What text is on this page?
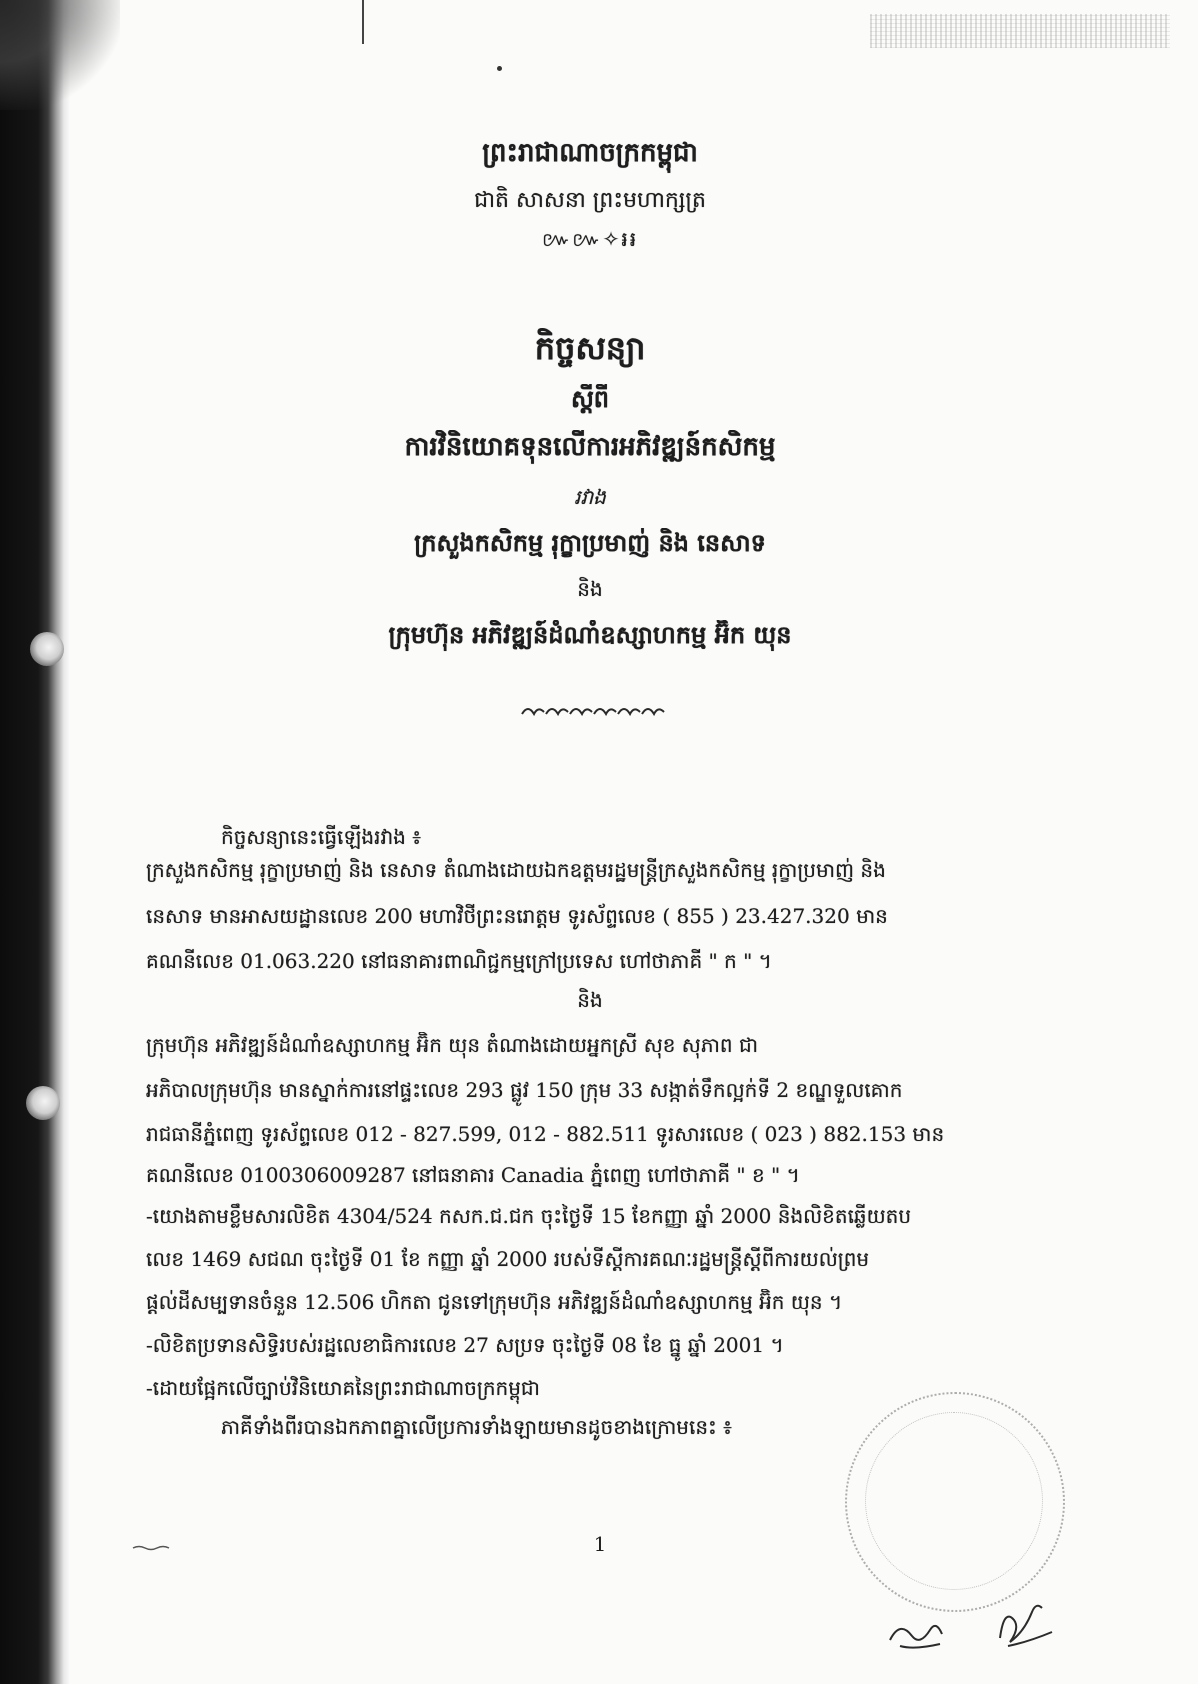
ព្រះរាជាណាចក្រកម្ពុជា
ជាតិ សាសនា ព្រះមហាក្សត្រ
៚៚✧៛៛
កិច្ចសន្យា
ស្តីពី
ការវិនិយោគទុនលើការអភិវឌ្ឍន៍កសិកម្ម
រវាង
ក្រសួងកសិកម្ម រុក្ខាប្រមាញ់ និង នេសាទ
និង
ក្រុមហ៊ុន អភិវឌ្ឍន៍ដំណាំឧស្សាហកម្ម អ៊ិក យុន
កិច្ចសន្យានេះធ្វើឡើងរវាង ៖
ក្រសួងកសិកម្ម រុក្ខាប្រមាញ់ និង នេសាទ តំណាងដោយឯកឧត្តមរដ្ឋមន្ត្រីក្រសួងកសិកម្ម រុក្ខាប្រមាញ់ និង
នេសាទ មានអាសយដ្ឋានលេខ 200 មហាវិថីព្រះនរោត្តម ទូរស័ព្ទលេខ ( 855 ) 23.427.320 មាន
គណនីលេខ 01.063.220 នៅធនាគារពាណិជ្ជកម្មក្រៅប្រទេស ហៅថាភាគី " ក " ។
និង
ក្រុមហ៊ុន អភិវឌ្ឍន៍ដំណាំឧស្សាហកម្ម អ៊ិក យុន តំណាងដោយអ្នកស្រី សុខ សុភាព ជា
អភិបាលក្រុមហ៊ុន មានស្នាក់ការនៅផ្ទះលេខ 293 ផ្លូវ 150 ក្រុម 33 សង្កាត់ទឹកល្អក់ទី 2 ខណ្ឌទួលគោក
រាជធានីភ្នំពេញ ទូរស័ព្ទលេខ 012 - 827.599, 012 - 882.511 ទូរសារលេខ ( 023 ) 882.153 មាន
គណនីលេខ 0100306009287 នៅធនាគារ Canadia ភ្នំពេញ ហៅថាភាគី " ខ " ។
-យោងតាមខ្លឹមសារលិខិត 4304/524 កសក.ជ.ជក ចុះថ្ងៃទី 15 ខែកញ្ញា ឆ្នាំ 2000 និងលិខិតឆ្លើយតប
លេខ 1469 សជណ ចុះថ្ងៃទី 01 ខែ កញ្ញា ឆ្នាំ 2000 របស់ទីស្តីការគណៈរដ្ឋមន្ត្រីស្តីពីការយល់ព្រម
ផ្តល់ដីសម្បទានចំនួន 12.506 ហិកតា ជូនទៅក្រុមហ៊ុន អភិវឌ្ឍន៍ដំណាំឧស្សាហកម្ម អ៊ិក យុន ។
-លិខិតប្រទានសិទ្ធិរបស់រដ្ឋលេខាធិការលេខ 27 សប្រទ ចុះថ្ងៃទី 08 ខែ ធ្នូ ឆ្នាំ 2001 ។
-ដោយផ្អែកលើច្បាប់វិនិយោគនៃព្រះរាជាណាចក្រកម្ពុជា
ភាគីទាំងពីរបានឯកភាពគ្នាលើប្រការទាំងឡាយមានដូចខាងក្រោមនេះ ៖
1
